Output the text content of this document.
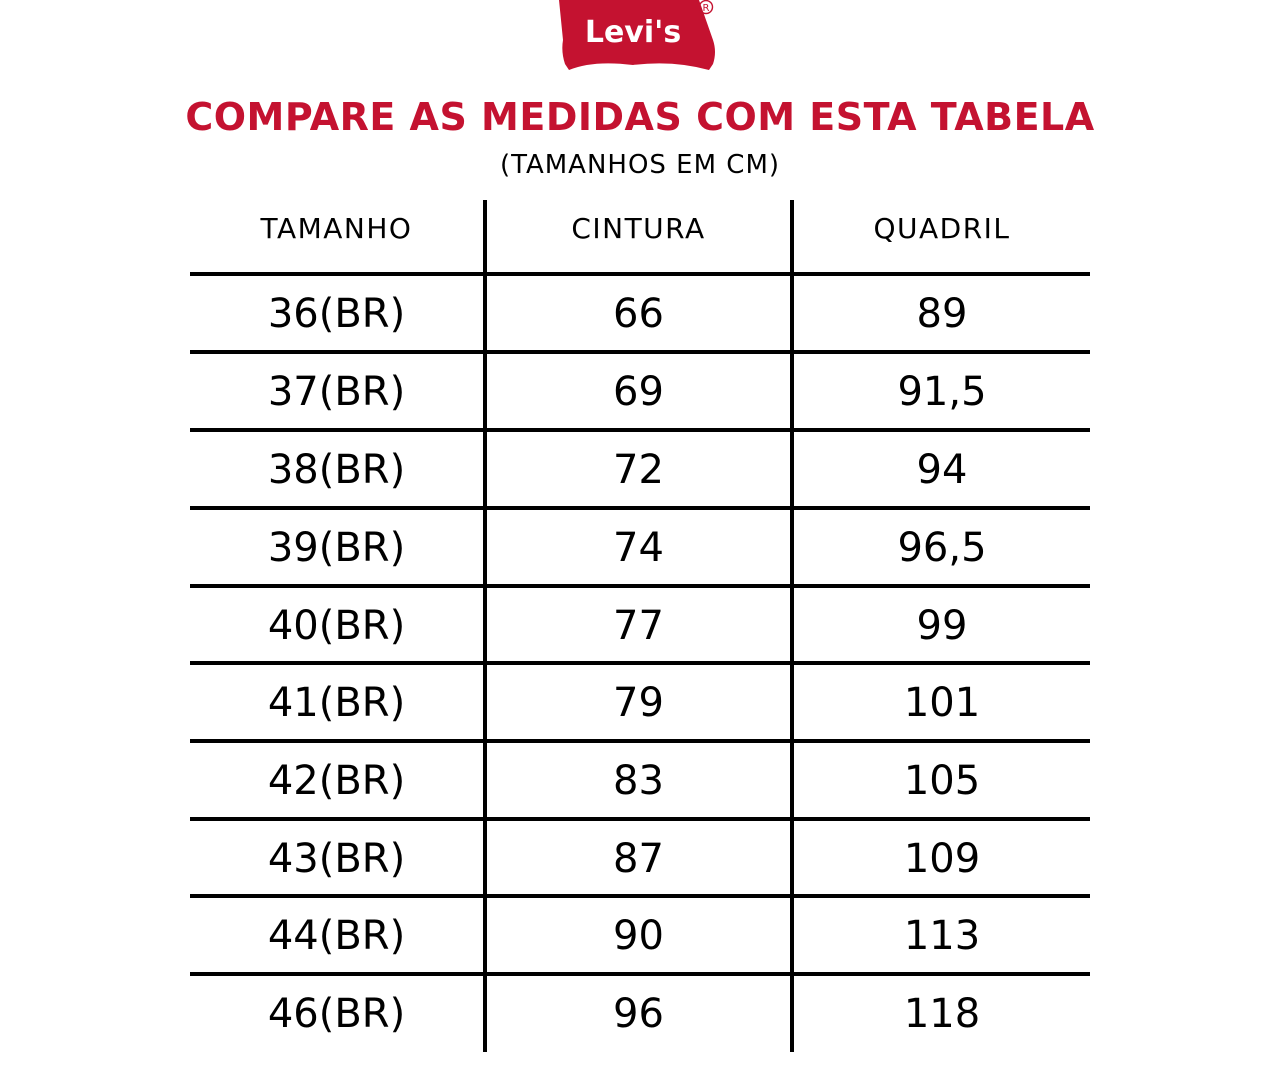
Levi's
R
COMPARE AS MEDIDAS COM ESTA TABELA
(TAMANHOS EM CM)
TAMANHO	CINTURA	QUADRIL
36(BR)	66	89
37(BR)	69	91,5
38(BR)	72	94
39(BR)	74	96,5
40(BR)	77	99
41(BR)	79	101
42(BR)	83	105
43(BR)	87	109
44(BR)	90	113
46(BR)	96	118
